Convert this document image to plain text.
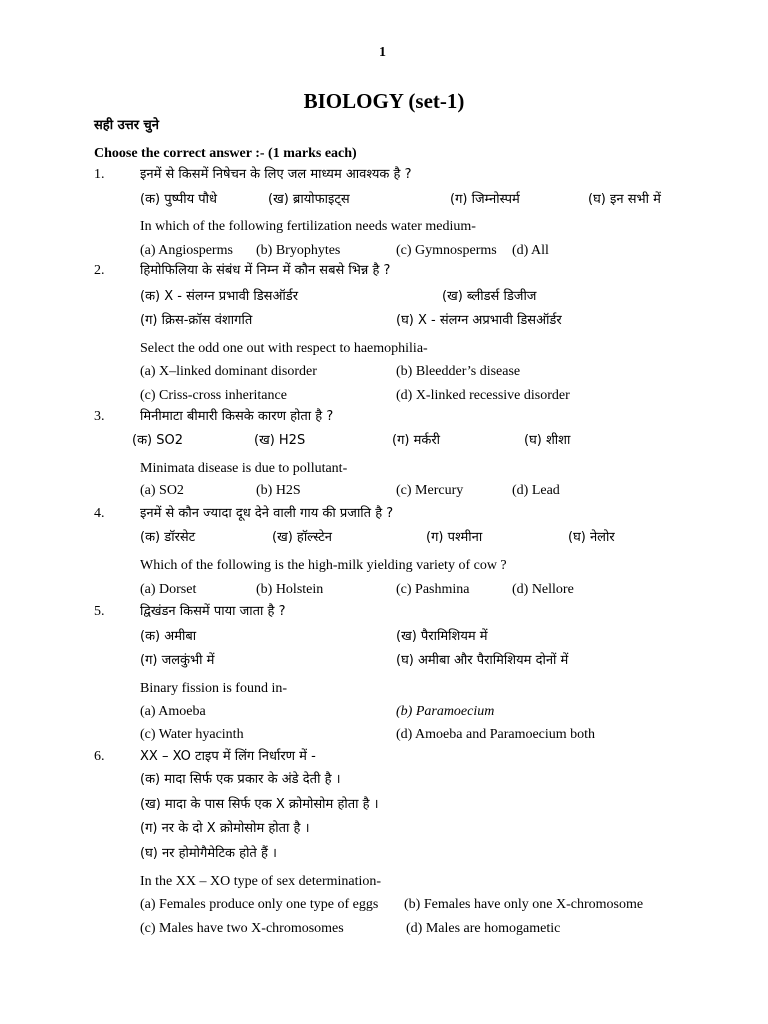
1
BIOLOGY (set-1)
सही उत्तर चुने
Choose the correct answer :- (1 marks each)
1.	इनमें से किसमें निषेचन के लिए जल माध्यम आवश्यक है ?
(क) पुष्पीय पौधे	(ख) ब्रायोफाइट्स	(ग) जिम्नोस्पर्म	(घ) इन सभी में
In which of the following fertilization needs water medium-
(a) Angiosperms (b) Bryophytes	(c) Gymnosperms (d) All
2.	हिमोफिलिया के संबंध में निम्न में कौन सबसे भिन्न है ?
(क) X - संलग्न प्रभावी डिसऑर्डर	(ख) ब्लीडर्स डिजीज
(ग) क्रिस-क्रॉस वंशागति	(घ) X - संलग्न अप्रभावी डिसऑर्डर
Select the odd one out with respect to haemophilia-
(a) X–linked dominant disorder	(b) Bleedder’s disease
(c) Criss-cross inheritance	(d) X-linked recessive disorder
3.	मिनीमाटा बीमारी किसके कारण होता है ?
(क) SO2	(ख) H2S	(ग) मर्करी	(घ) शीशा
Minimata disease is due to pollutant-
(a) SO2	(b) H2S	(c) Mercury	(d) Lead
4.	इनमें से कौन ज्यादा दूध देने वाली गाय की प्रजाति है ?
(क) डॉरसेट	(ख) हॉल्स्टेन	(ग) पश्मीना	(घ) नेलोर
Which of the following is the high-milk yielding variety of cow ?
(a) Dorset	(b) Holstein	(c) Pashmina	(d) Nellore
5.	द्विखंडन किसमें पाया जाता है ?
(क) अमीबा	(ख) पैरामिशियम में
(ग) जलकुंभी में	(घ) अमीबा और पैरामिशियम दोनों में
Binary fission is found in-
(a) Amoeba	(b) Paramoecium
(c) Water hyacinth	(d) Amoeba and Paramoecium both
6.	XX – XO टाइप में लिंग निर्धारण में -
(क) मादा सिर्फ एक प्रकार के अंडे देती है ।
(ख) मादा के पास सिर्फ एक X क्रोमोसोम होता है ।
(ग) नर के दो X क्रोमोसोम होता है ।
(घ) नर होमोगैमेटिक होते हैं ।
In the XX – XO type of sex determination-
(a) Females produce only one type of eggs (b) Females have only one X-chromosome
(c) Males have two X-chromosomes	(d) Males are homogametic
